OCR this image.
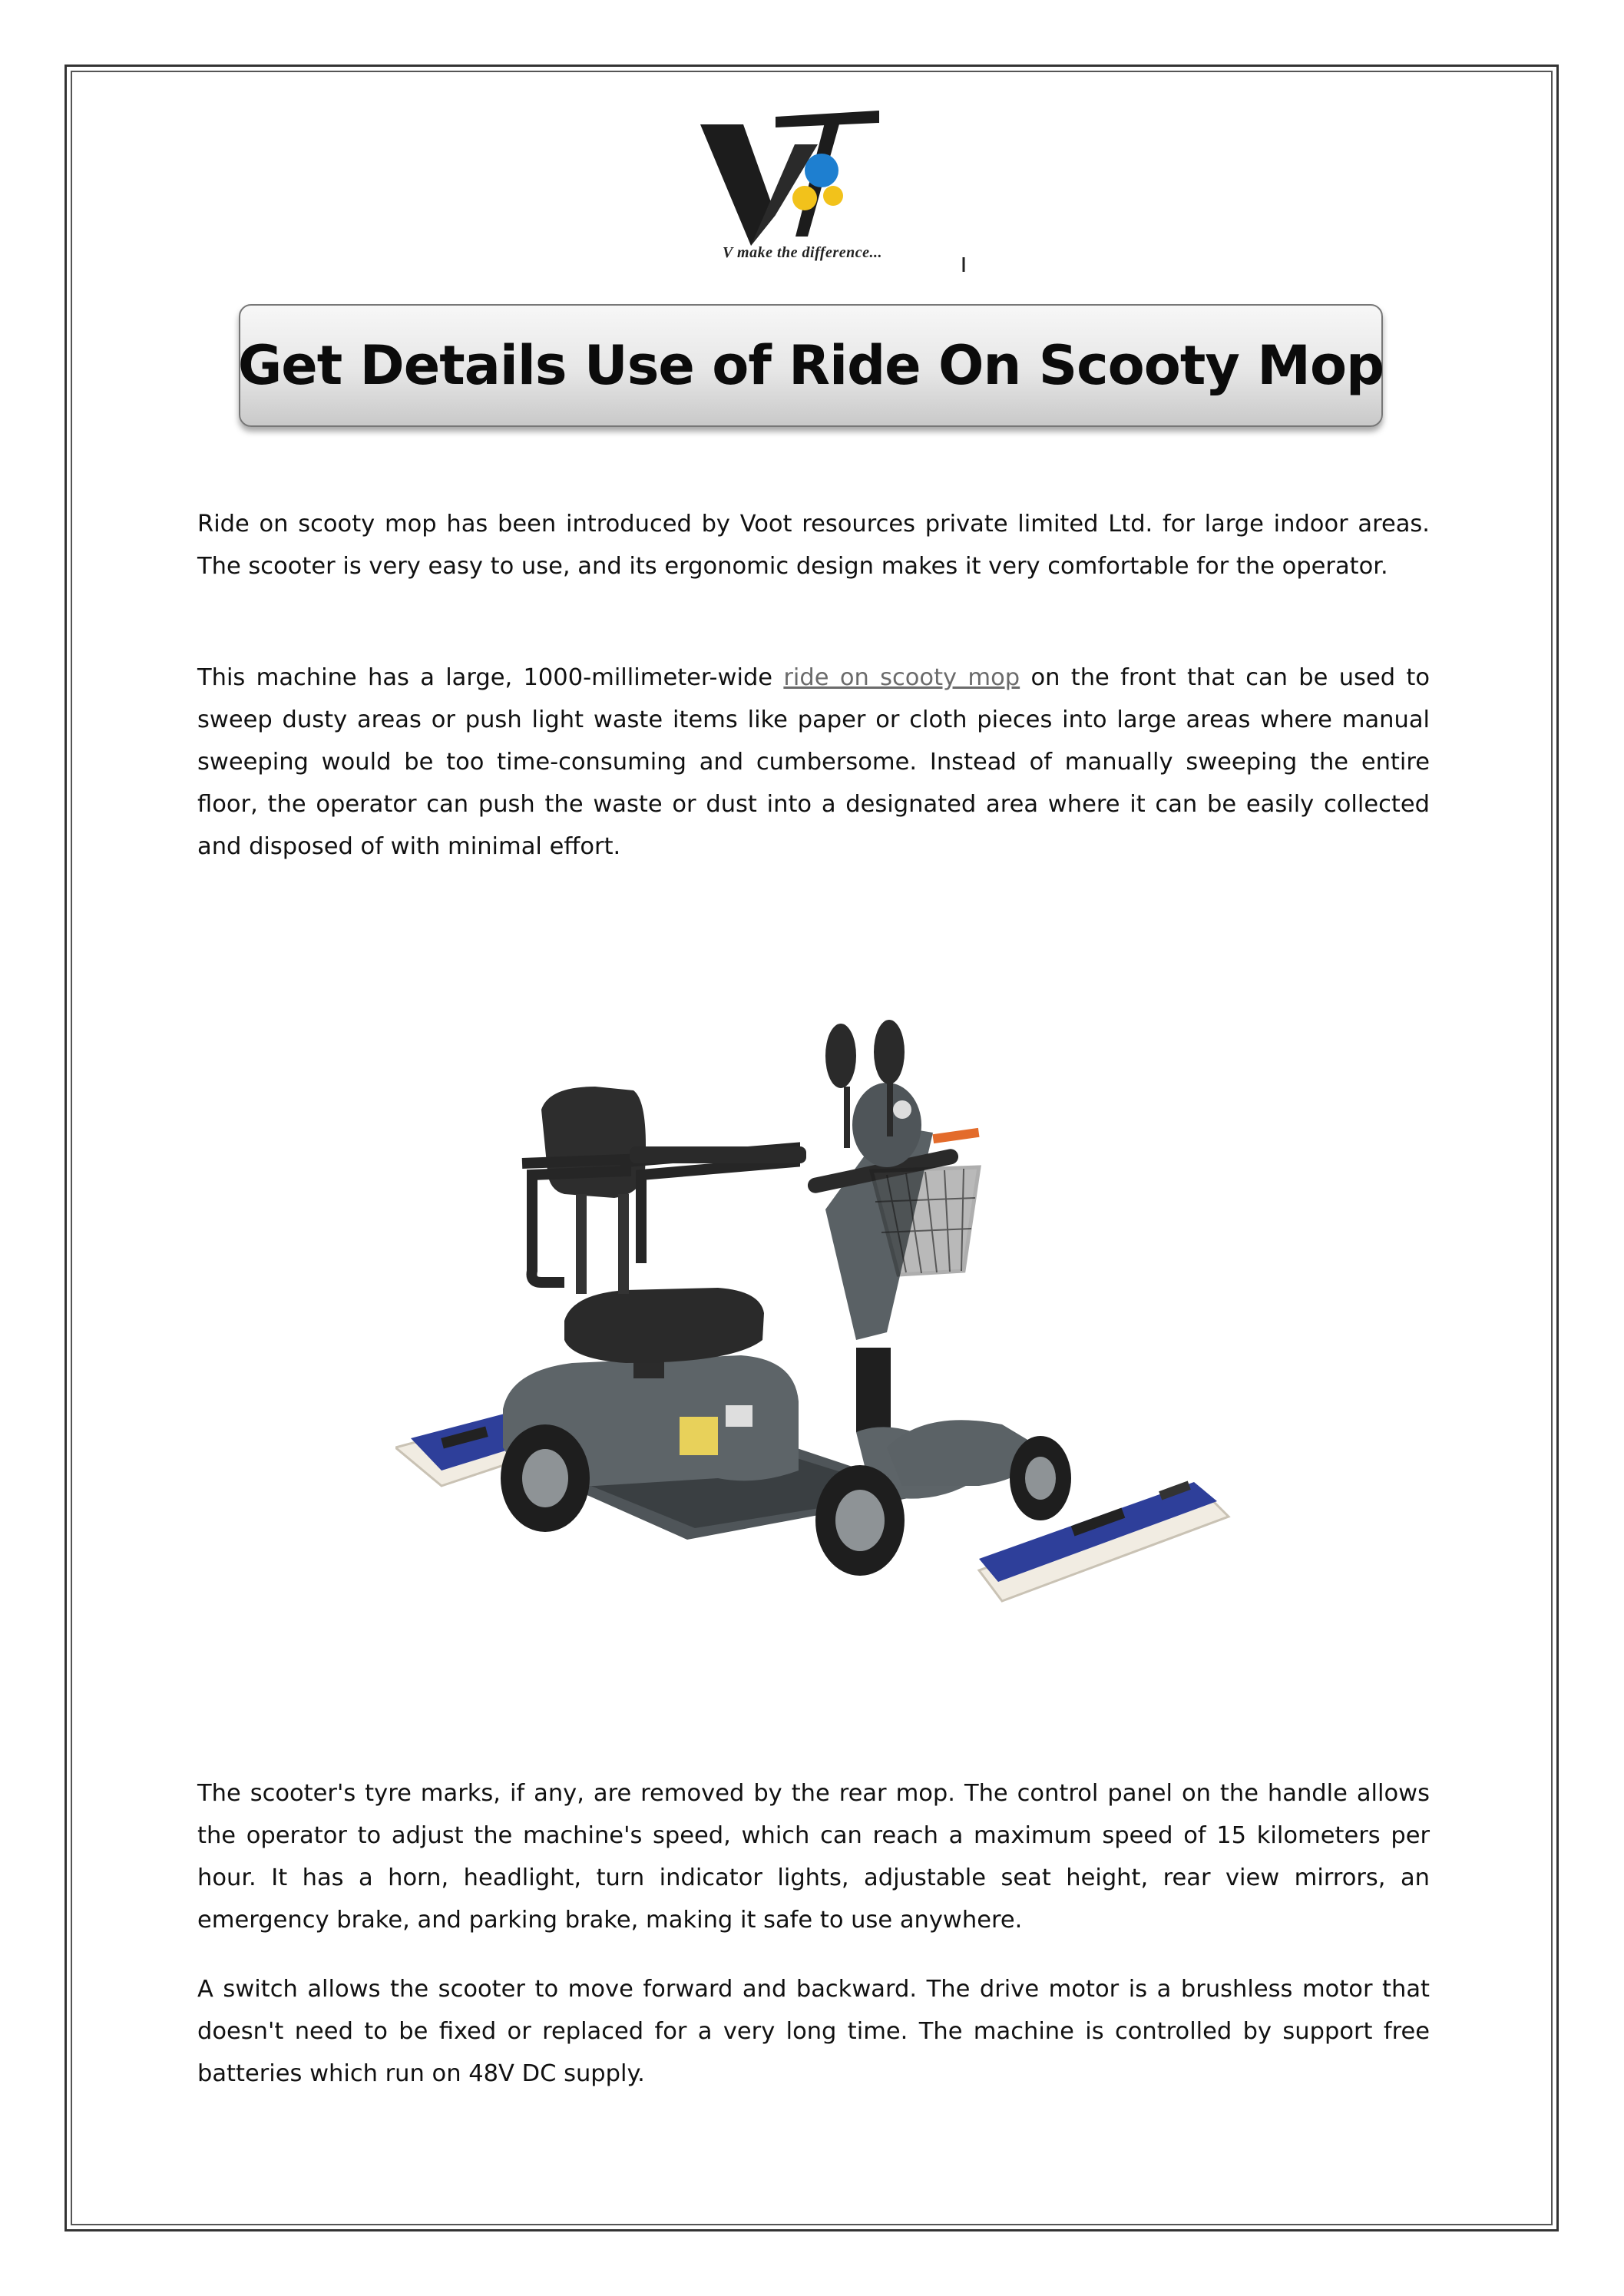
V make the difference...
Get Details Use of Ride On Scooty Mop

Ride on scooty mop has been introduced by Voot resources private limited Ltd. for large indoor areas. The scooter is very easy to use, and its ergonomic design makes it very comfortable for the operator.

This machine has a large, 1000-millimeter-wide ride on scooty mop on the front that can be used to sweep dusty areas or push light waste items like paper or cloth pieces into large areas where manual sweeping would be too time-consuming and cumbersome. Instead of manually sweeping the entire floor, the operator can push the waste or dust into a designated area where it can be easily collected and disposed of with minimal effort.

The scooter's tyre marks, if any, are removed by the rear mop. The control panel on the handle allows the operator to adjust the machine's speed, which can reach a maximum speed of 15 kilometers per hour. It has a horn, headlight, turn indicator lights, adjustable seat height, rear view mirrors, an emergency brake, and parking brake, making it safe to use anywhere.

A switch allows the scooter to move forward and backward. The drive motor is a brushless motor that doesn't need to be fixed or replaced for a very long time. The machine is controlled by support free batteries which run on 48V DC supply.
